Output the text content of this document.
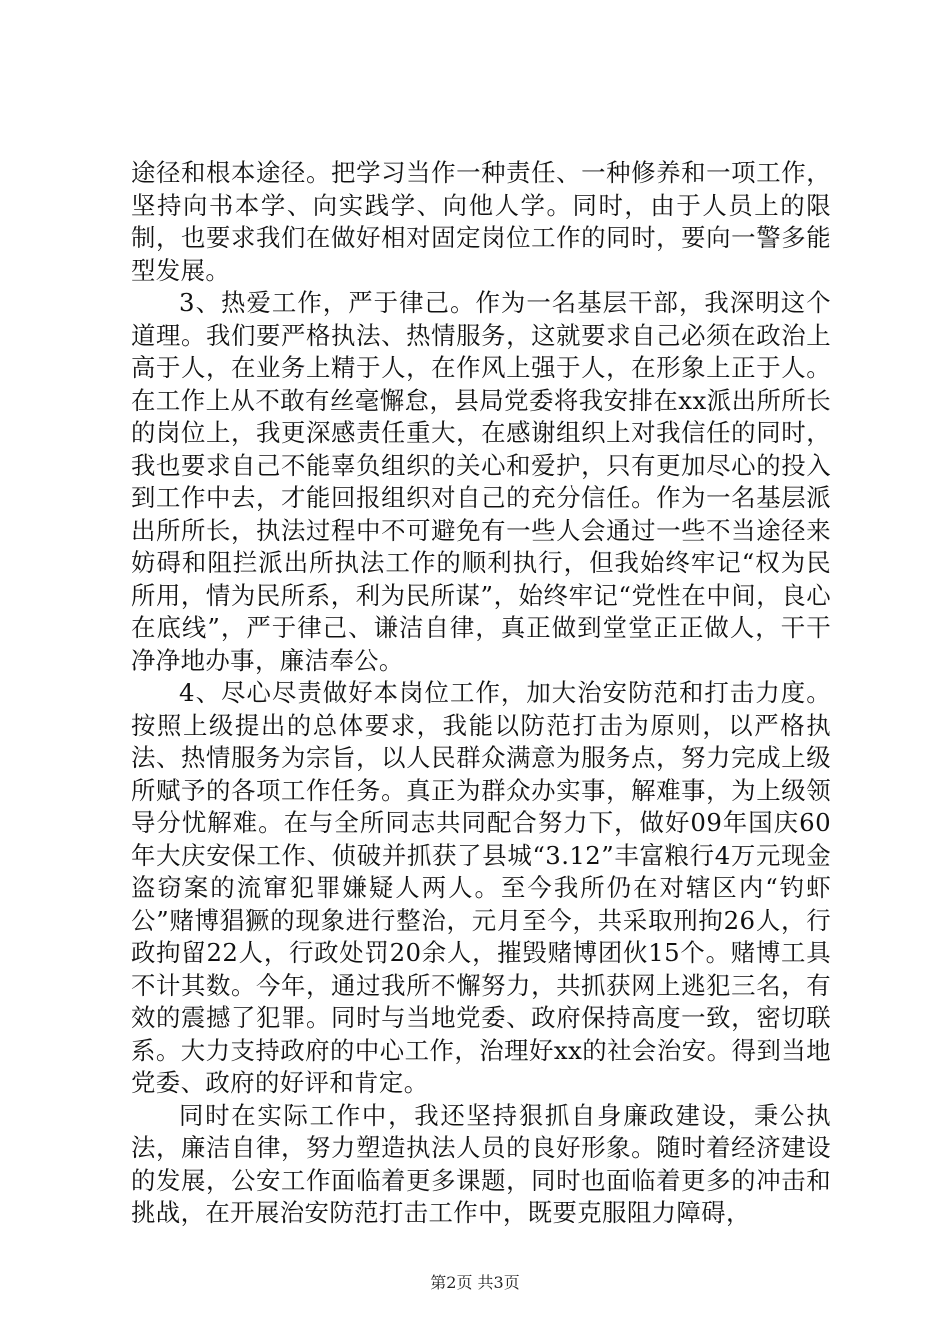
途径和根本途径。把学习当作一种责任、一种修养和一项工作，坚持向书本学、向实践学、向他人学。同时，由于人员上的限制，也要求我们在做好相对固定岗位工作的同时，要向一警多能型发展。

3、热爱工作，严于律己。作为一名基层干部，我深明这个道理。我们要严格执法、热情服务，这就要求自己必须在政治上高于人，在业务上精于人，在作风上强于人，在形象上正于人。在工作上从不敢有丝毫懈怠，县局党委将我安排在xx派出所所长的岗位上，我更深感责任重大，在感谢组织上对我信任的同时，我也要求自己不能辜负组织的关心和爱护，只有更加尽心的投入到工作中去，才能回报组织对自己的充分信任。作为一名基层派出所所长，执法过程中不可避免有一些人会通过一些不当途径来妨碍和阻拦派出所执法工作的顺利执行，但我始终牢记“权为民所用，情为民所系，利为民所谋”，始终牢记“党性在中间，良心在底线”，严于律己、谦洁自律，真正做到堂堂正正做人，干干净净地办事，廉洁奉公。

4、尽心尽责做好本岗位工作，加大治安防范和打击力度。按照上级提出的总体要求，我能以防范打击为原则，以严格执法、热情服务为宗旨，以人民群众满意为服务点，努力完成上级所赋予的各项工作任务。真正为群众办实事，解难事，为上级领导分忧解难。在与全所同志共同配合努力下，做好09年国庆60年大庆安保工作、侦破并抓获了县城“3.12”丰富粮行4万元现金盗窃案的流窜犯罪嫌疑人两人。至今我所仍在对辖区内“钓虾公”赌博猖獗的现象进行整治，元月至今，共采取刑拘26人，行政拘留22人，行政处罚20余人，摧毁赌博团伙15个。赌博工具不计其数。今年，通过我所不懈努力，共抓获网上逃犯三名，有效的震撼了犯罪。同时与当地党委、政府保持高度一致，密切联系。大力支持政府的中心工作，治理好xx的社会治安。得到当地党委、政府的好评和肯定。

同时在实际工作中，我还坚持狠抓自身廉政建设，秉公执法，廉洁自律，努力塑造执法人员的良好形象。随时着经济建设的发展，公安工作面临着更多课题，同时也面临着更多的冲击和挑战，在开展治安防范打击工作中，既要克服阻力障碍，

第2页 共3页
